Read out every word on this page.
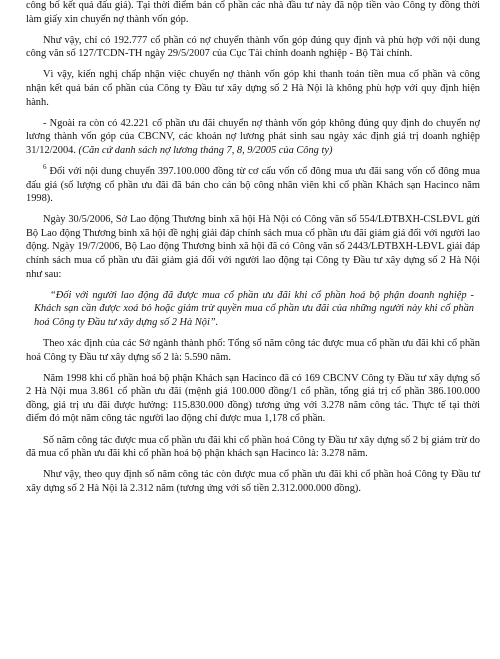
công bố kết quả đấu giá). Tại thời điểm bán cổ phần các nhà đầu tư này đã nộp tiền vào Công ty đồng thời làm giấy xin chuyển nợ thành vốn góp.

Như vậy, chỉ có 192.777 cổ phần có nợ chuyển thành vốn góp đúng quy định và phù hợp với nội dung công văn số 127/TCDN-TH ngày 29/5/2007 của Cục Tài chính doanh nghiệp - Bộ Tài chính.

Vì vậy, kiến nghị chấp nhận việc chuyển nợ thành vốn góp khi thanh toán tiền mua cổ phần và công nhận kết quả bán cổ phần của Công ty Đầu tư xây dựng số 2 Hà Nội là không phù hợp với quy định hiện hành.

- Ngoài ra còn có 42.221 cổ phần ưu đãi chuyển nợ thành vốn góp không đúng quy định do chuyển nợ lương thành vốn góp của CBCNV, các khoản nợ lương phát sinh sau ngày xác định giá trị doanh nghiệp 31/12/2004. (Căn cứ danh sách nợ lương tháng 7, 8, 9/2005 của Công ty)

$^6$ Đối với nội dung chuyển 397.100.000 đồng từ cơ cấu vốn cổ đông mua ưu đãi sang vốn cổ đông mua đấu giá (số lượng cổ phần ưu đãi đã bán cho cán bộ công nhân viên khi cổ phần Khách sạn Hacinco năm 1998).

Ngày 30/5/2006, Sở Lao động Thương binh xã hội Hà Nội có Công văn số 554/LĐTBXH-CSLĐVL gửi Bộ Lao động Thương binh xã hội đề nghị giải đáp chính sách mua cổ phần ưu đãi giảm giá đối với người lao động. Ngày 19/7/2006, Bộ Lao động Thương binh xã hội đã có Công văn số 2443/LĐTBXH-LĐVL giải đáp chính sách mua cổ phần ưu đãi giảm giá đối với người lao động tại Công ty Đầu tư xây dựng số 2 Hà Nội như sau:

“Đối với người lao động đã được mua cổ phần ưu đãi khi cổ phần hoá bộ phận doanh nghiệp - Khách sạn cần được xoá bỏ hoặc giảm trừ quyền mua cổ phần ưu đãi của những người này khi cổ phần hoá Công ty Đầu tư xây dựng số 2 Hà Nội”.

Theo xác định của các Sở ngành thành phố: Tổng số năm công tác được mua cổ phần ưu đãi khi cổ phần hoá Công ty Đầu tư xây dựng số 2 là: 5.590 năm.

Năm 1998 khi cổ phần hoá bộ phận Khách sạn Hacinco đã có 169 CBCNV Công ty Đầu tư xây dựng số 2 Hà Nội mua 3.861 cổ phần ưu đãi (mệnh giá 100.000 đồng/1 cổ phần, tổng giá trị cổ phần 386.100.000 đồng, giá trị ưu đãi được hưởng: 115.830.000 đồng) tương ứng với 3.278 năm công tác. Thực tế tại thời điểm đó một năm công tác người lao động chỉ được mua 1,178 cổ phần.

Số năm công tác được mua cổ phần ưu đãi khi cổ phần hoá Công ty Đầu tư xây dựng số 2 bị giảm trừ do đã mua cổ phần ưu đãi khi cổ phần hoá bộ phận khách sạn Hacinco là: 3.278 năm.

Như vậy, theo quy định số năm công tác còn được mua cổ phần ưu đãi khi cổ phần hoá Công ty Đầu tư xây dựng số 2 Hà Nội là 2.312 năm (tương ứng với số tiền 2.312.000.000 đồng).
